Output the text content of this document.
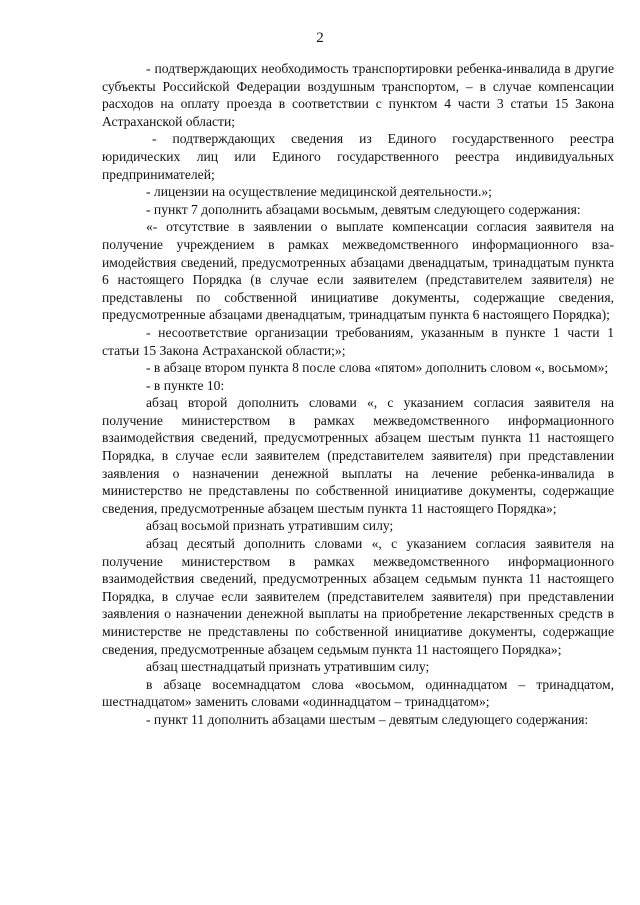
2

- подтверждающих необходимость транспортировки ребенка-инвалида в другие субъекты Российской Федерации воздушным транспортом, – в случае компенсации расходов на оплату проезда в соответствии с пунктом 4 части 3 статьи 15 Закона Астраханской области;

- подтверждающих сведения из Единого государственного реестра юридических лиц или Единого государственного реестра индивидуальных предпринимателей;

- лицензии на осуществление медицинской деятельности.»;

- пункт 7 дополнить абзацами восьмым, девятым следующего содержания:

«- отсутствие в заявлении о выплате компенсации согласия заявителя на получение учреждением в рамках межведомственного информационного взаимодействия сведений, предусмотренных абзацами двенадцатым, тринадцатым пункта 6 настоящего Порядка (в случае если заявителем (представителем заявителя) не представлены по собственной инициативе документы, содержащие сведения, предусмотренные абзацами двенадцатым, тринадцатым пункта 6 настоящего Порядка);

- несоответствие организации требованиям, указанным в пункте 1 части 1 статьи 15 Закона Астраханской области;»;

- в абзаце втором пункта 8 после слова «пятом» дополнить словом «, восьмом»;

- в пункте 10:

абзац второй дополнить словами «, с указанием согласия заявителя на получение министерством в рамках межведомственного информационного взаимодействия сведений, предусмотренных абзацем шестым пункта 11 настоящего Порядка, в случае если заявителем (представителем заявителя) при представлении заявления о назначении денежной выплаты на лечение ребенка-инвалида в министерство не представлены по собственной инициативе документы, содержащие сведения, предусмотренные абзацем шестым пункта 11 настоящего Порядка»;

абзац восьмой признать утратившим силу;

абзац десятый дополнить словами «, с указанием согласия заявителя на получение министерством в рамках межведомственного информационного взаимодействия сведений, предусмотренных абзацем седьмым пункта 11 настоящего Порядка, в случае если заявителем (представителем заявителя) при представлении заявления о назначении денежной выплаты на приобретение лекарственных средств в министерстве не представлены по собственной инициативе документы, содержащие сведения, предусмотренные абзацем седьмым пункта 11 настоящего Порядка»;

абзац шестнадцатый признать утратившим силу;

в абзаце восемнадцатом слова «восьмом, одиннадцатом – тринадцатом, шестнадцатом» заменить словами «одиннадцатом – тринадцатом»;

- пункт 11 дополнить абзацами шестым – девятым следующего содержания:
